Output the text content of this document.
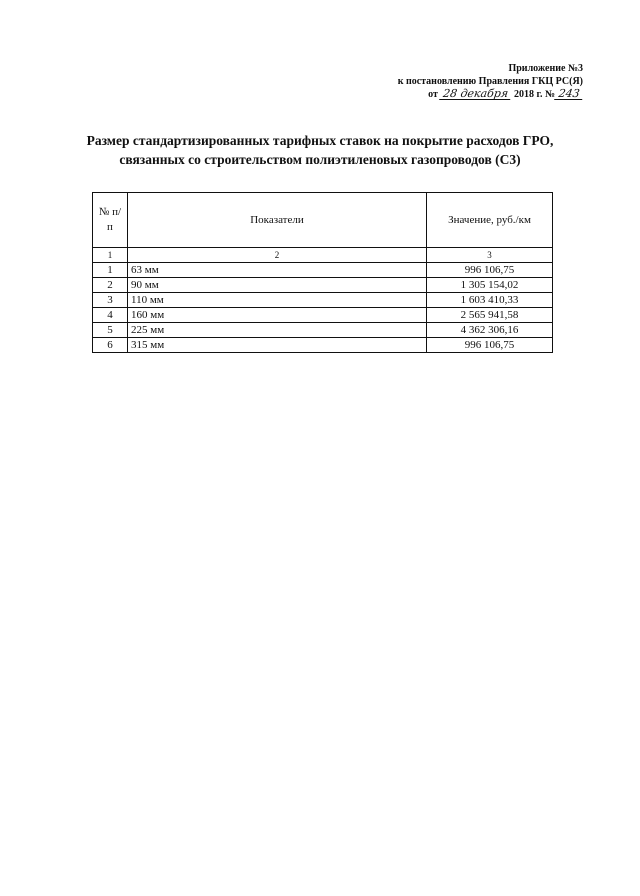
Приложение №3
к постановлению Правления ГКЦ РС(Я)
от 28 декабря 2018 г. № 243
Размер стандартизированных тарифных ставок на покрытие расходов ГРО,
связанных со строительством полиэтиленовых газопроводов (С3)
№ п/п	Показатели	Значение, руб./км
1	2	3
1	63 мм	996 106,75
2	90 мм	1 305 154,02
3	110 мм	1 603 410,33
4	160 мм	2 565 941,58
5	225 мм	4 362 306,16
6	315 мм	996 106,75
